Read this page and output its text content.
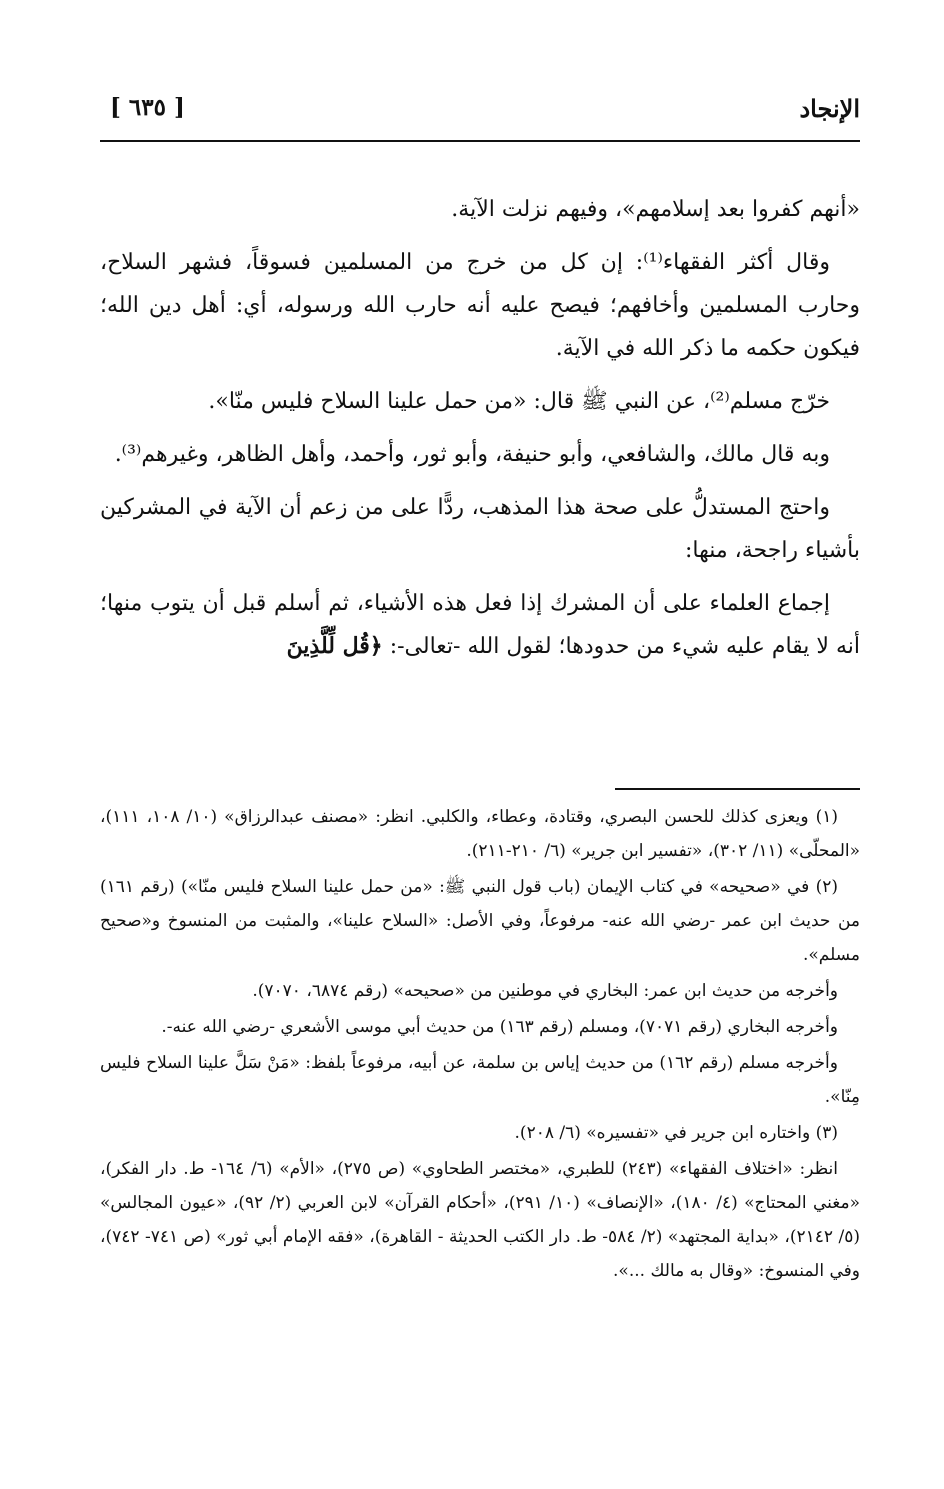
الإنجاد
[ ٦٣٥ ]

«أنهم كفروا بعد إسلامهم»، وفيهم نزلت الآية.

وقال أكثر الفقهاء⁽¹⁾: إن كل من خرج من المسلمين فسوقاً، فشهر السلاح، وحارب المسلمين وأخافهم؛ فيصح عليه أنه حارب الله ورسوله، أي: أهل دين الله؛ فيكون حكمه ما ذكر الله في الآية.

خرّج مسلم⁽²⁾، عن النبي ﷺ قال: «من حمل علينا السلاح فليس منّا».

وبه قال مالك، والشافعي، وأبو حنيفة، وأبو ثور، وأحمد، وأهل الظاهر، وغيرهم⁽³⁾.

واحتج المستدلُّ على صحة هذا المذهب، ردًّا على من زعم أن الآية في المشركين بأشياء راجحة، منها:

إجماع العلماء على أن المشرك إذا فعل هذه الأشياء، ثم أسلم قبل أن يتوب منها؛ أنه لا يقام عليه شيء من حدودها؛ لقول الله -تعالى-: ﴿قُل لِّلَّذِينَ

(١) ويعزى كذلك للحسن البصري، وقتادة، وعطاء، والكلبي. انظر: «مصنف عبدالرزاق» (١٠/ ١٠٨، ١١١)، «المحلّى» (١١/ ٣٠٢)، «تفسير ابن جرير» (٦/ ٢١٠-٢١١).

(٢) في «صحيحه» في كتاب الإيمان (باب قول النبي ﷺ: «من حمل علينا السلاح فليس منّا») (رقم ١٦١) من حديث ابن عمر -رضي الله عنه- مرفوعاً، وفي الأصل: «السلاح علينا»، والمثبت من المنسوخ و«صحيح مسلم».

وأخرجه من حديث ابن عمر: البخاري في موطنين من «صحيحه» (رقم ٦٨٧٤، ٧٠٧٠).

وأخرجه البخاري (رقم ٧٠٧١)، ومسلم (رقم ١٦٣) من حديث أبي موسى الأشعري -رضي الله عنه-.

وأخرجه مسلم (رقم ١٦٢) من حديث إياس بن سلمة، عن أبيه، مرفوعاً بلفظ: «مَنْ سَلَّ علينا السلاح فليس مِنّا».

(٣) واختاره ابن جرير في «تفسيره» (٦/ ٢٠٨).

انظر: «اختلاف الفقهاء» (٢٤٣) للطبري، «مختصر الطحاوي» (ص ٢٧٥)، «الأم» (٦/ ١٦٤- ط. دار الفكر)، «مغني المحتاج» (٤/ ١٨٠)، «الإنصاف» (١٠/ ٢٩١)، «أحكام القرآن» لابن العربي (٢/ ٩٢)، «عيون المجالس» (٥/ ٢١٤٢)، «بداية المجتهد» (٢/ ٥٨٤- ط. دار الكتب الحديثة - القاهرة)، «فقه الإمام أبي ثور» (ص ٧٤١- ٧٤٢)، وفي المنسوخ: «وقال به مالك ...».
